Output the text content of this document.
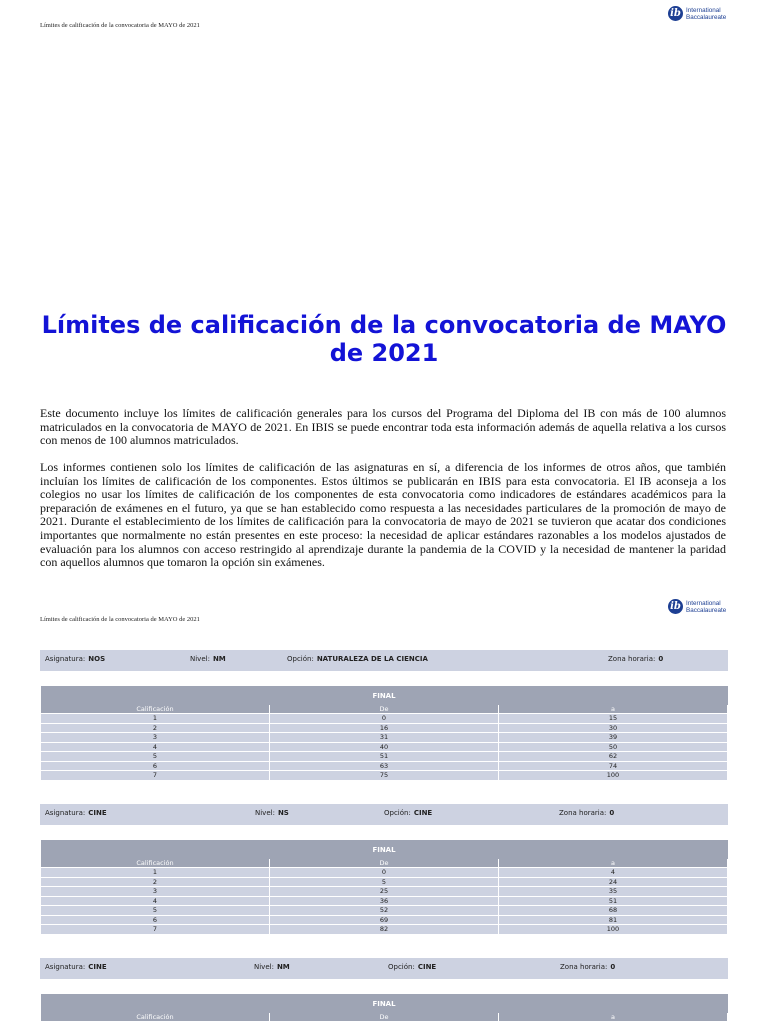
Límites de calificación de la convocatoria de MAYO de 2021
ib International
Baccalaureate
Límites de calificación de la convocatoria de MAYO de 2021

Este documento incluye los límites de calificación generales para los cursos del Programa del Diploma del IB con más de 100 alumnos matriculados en la convocatoria de MAYO de 2021. En IBIS se puede encontrar toda esta información además de aquella relativa a los cursos con menos de 100 alumnos matriculados.

Los informes contienen solo los límites de calificación de las asignaturas en sí, a diferencia de los informes de otros años, que también incluían los límites de calificación de los componentes. Estos últimos se publicarán en IBIS para esta convocatoria. El IB aconseja a los colegios no usar los límites de calificación de los componentes de esta convocatoria como indicadores de estándares académicos para la preparación de exámenes en el futuro, ya que se han establecido como respuesta a las necesidades particulares de la promoción de mayo de 2021. Durante el establecimiento de los límites de calificación para la convocatoria de mayo de 2021 se tuvieron que acatar dos condiciones importantes que normalmente no están presentes en este proceso: la necesidad de aplicar estándares razonables a los modelos ajustados de evaluación para los alumnos con acceso restringido al aprendizaje durante la pandemia de la COVID y la necesidad de mantener la paridad con aquellos alumnos que tomaron la opción sin exámenes.

Límites de calificación de la convocatoria de MAYO de 2021
ib International
Baccalaureate
Asignatura: NOS	Nivel: NM	Opción: NATURALEZA DE LA CIENCIA	Zona horaria: 0
FINAL		
Calificación	De	a
1	0	15
2	16	30
3	31	39
4	40	50
5	51	62
6	63	74
7	75	100
Asignatura: CINE	Nivel: NS	Opción: CINE	Zona horaria: 0
FINAL		
Calificación	De	a
1	0	4
2	5	24
3	25	35
4	36	51
5	52	68
6	69	81
7	82	100
Asignatura: CINE	Nivel: NM	Opción: CINE	Zona horaria: 0
FINAL
Calificación	De	a
